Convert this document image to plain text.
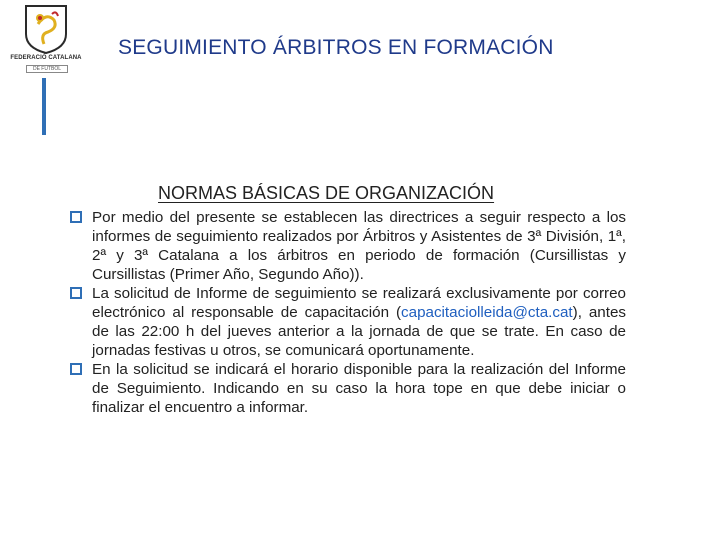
FEDERACIÓ CATALANA
DE FUTBOL
SEGUIMIENTO ÁRBITROS EN FORMACIÓN
NORMAS BÁSICAS DE ORGANIZACIÓN
Por medio del presente se establecen las directrices a seguir respecto a los informes de seguimiento realizados por Árbitros y Asistentes de 3ª División, 1ª, 2ª y 3ª Catalana a los árbitros en periodo de formación (Cursillistas y Cursillistas (Primer Año, Segundo Año)).
La solicitud de Informe de seguimiento se realizará exclusivamente por correo electrónico al responsable de capacitación (capacitaciolleida@cta.cat), antes de las 22:00 h del jueves anterior a la jornada de que se trate. En caso de jornadas festivas u otros, se comunicará oportunamente.
En la solicitud se indicará el horario disponible para la realización del Informe de Seguimiento. Indicando en su caso la hora tope en que debe iniciar o finalizar el encuentro a informar.
